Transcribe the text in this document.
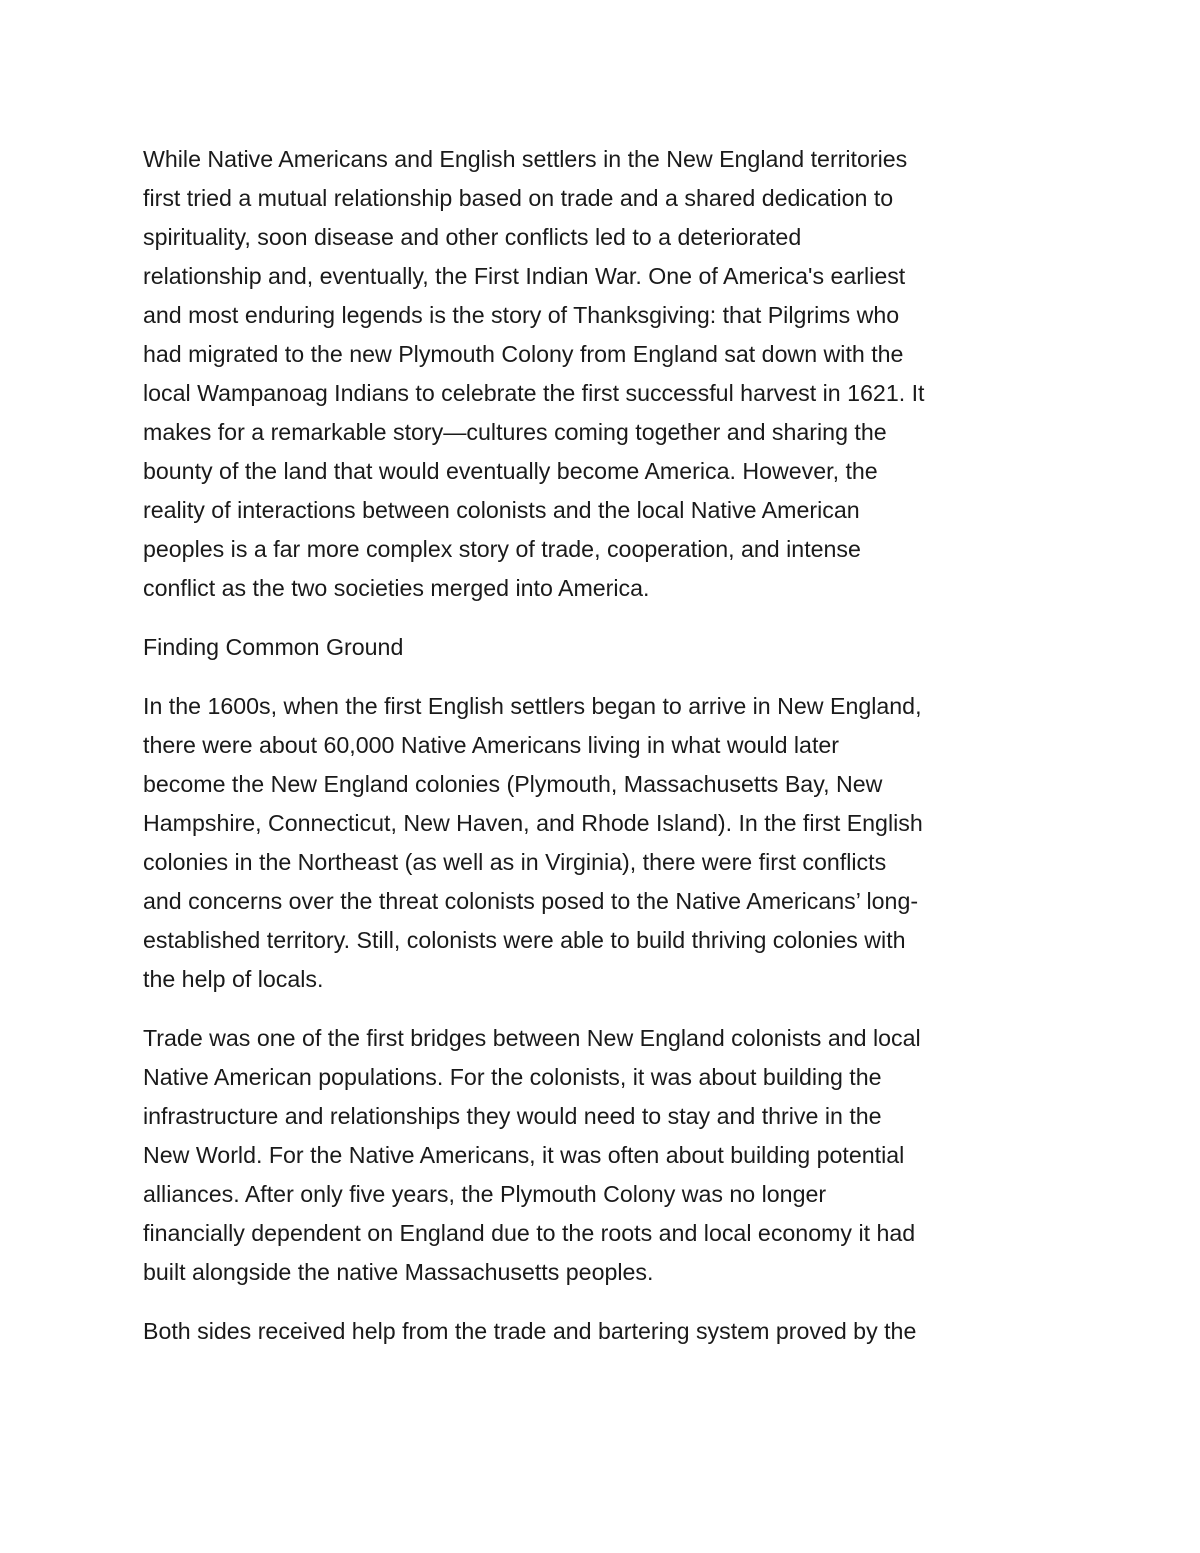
While Native Americans and English settlers in the New England territories
first tried a mutual relationship based on trade and a shared dedication to
spirituality, soon disease and other conflicts led to a deteriorated
relationship and, eventually, the First Indian War. One of America's earliest
and most enduring legends is the story of Thanksgiving: that Pilgrims who
had migrated to the new Plymouth Colony from England sat down with the
local Wampanoag Indians to celebrate the first successful harvest in 1621. It
makes for a remarkable story—cultures coming together and sharing the
bounty of the land that would eventually become America. However, the
reality of interactions between colonists and the local Native American
peoples is a far more complex story of trade, cooperation, and intense
conflict as the two societies merged into America.
Finding Common Ground
In the 1600s, when the first English settlers began to arrive in New England,
there were about 60,000 Native Americans living in what would later
become the New England colonies (Plymouth, Massachusetts Bay, New
Hampshire, Connecticut, New Haven, and Rhode Island). In the first English
colonies in the Northeast (as well as in Virginia), there were first conflicts
and concerns over the threat colonists posed to the Native Americans’ long-
established territory. Still, colonists were able to build thriving colonies with
the help of locals.
Trade was one of the first bridges between New England colonists and local
Native American populations. For the colonists, it was about building the
infrastructure and relationships they would need to stay and thrive in the
New World. For the Native Americans, it was often about building potential
alliances. After only five years, the Plymouth Colony was no longer
financially dependent on England due to the roots and local economy it had
built alongside the native Massachusetts peoples.
Both sides received help from the trade and bartering system proved by the
